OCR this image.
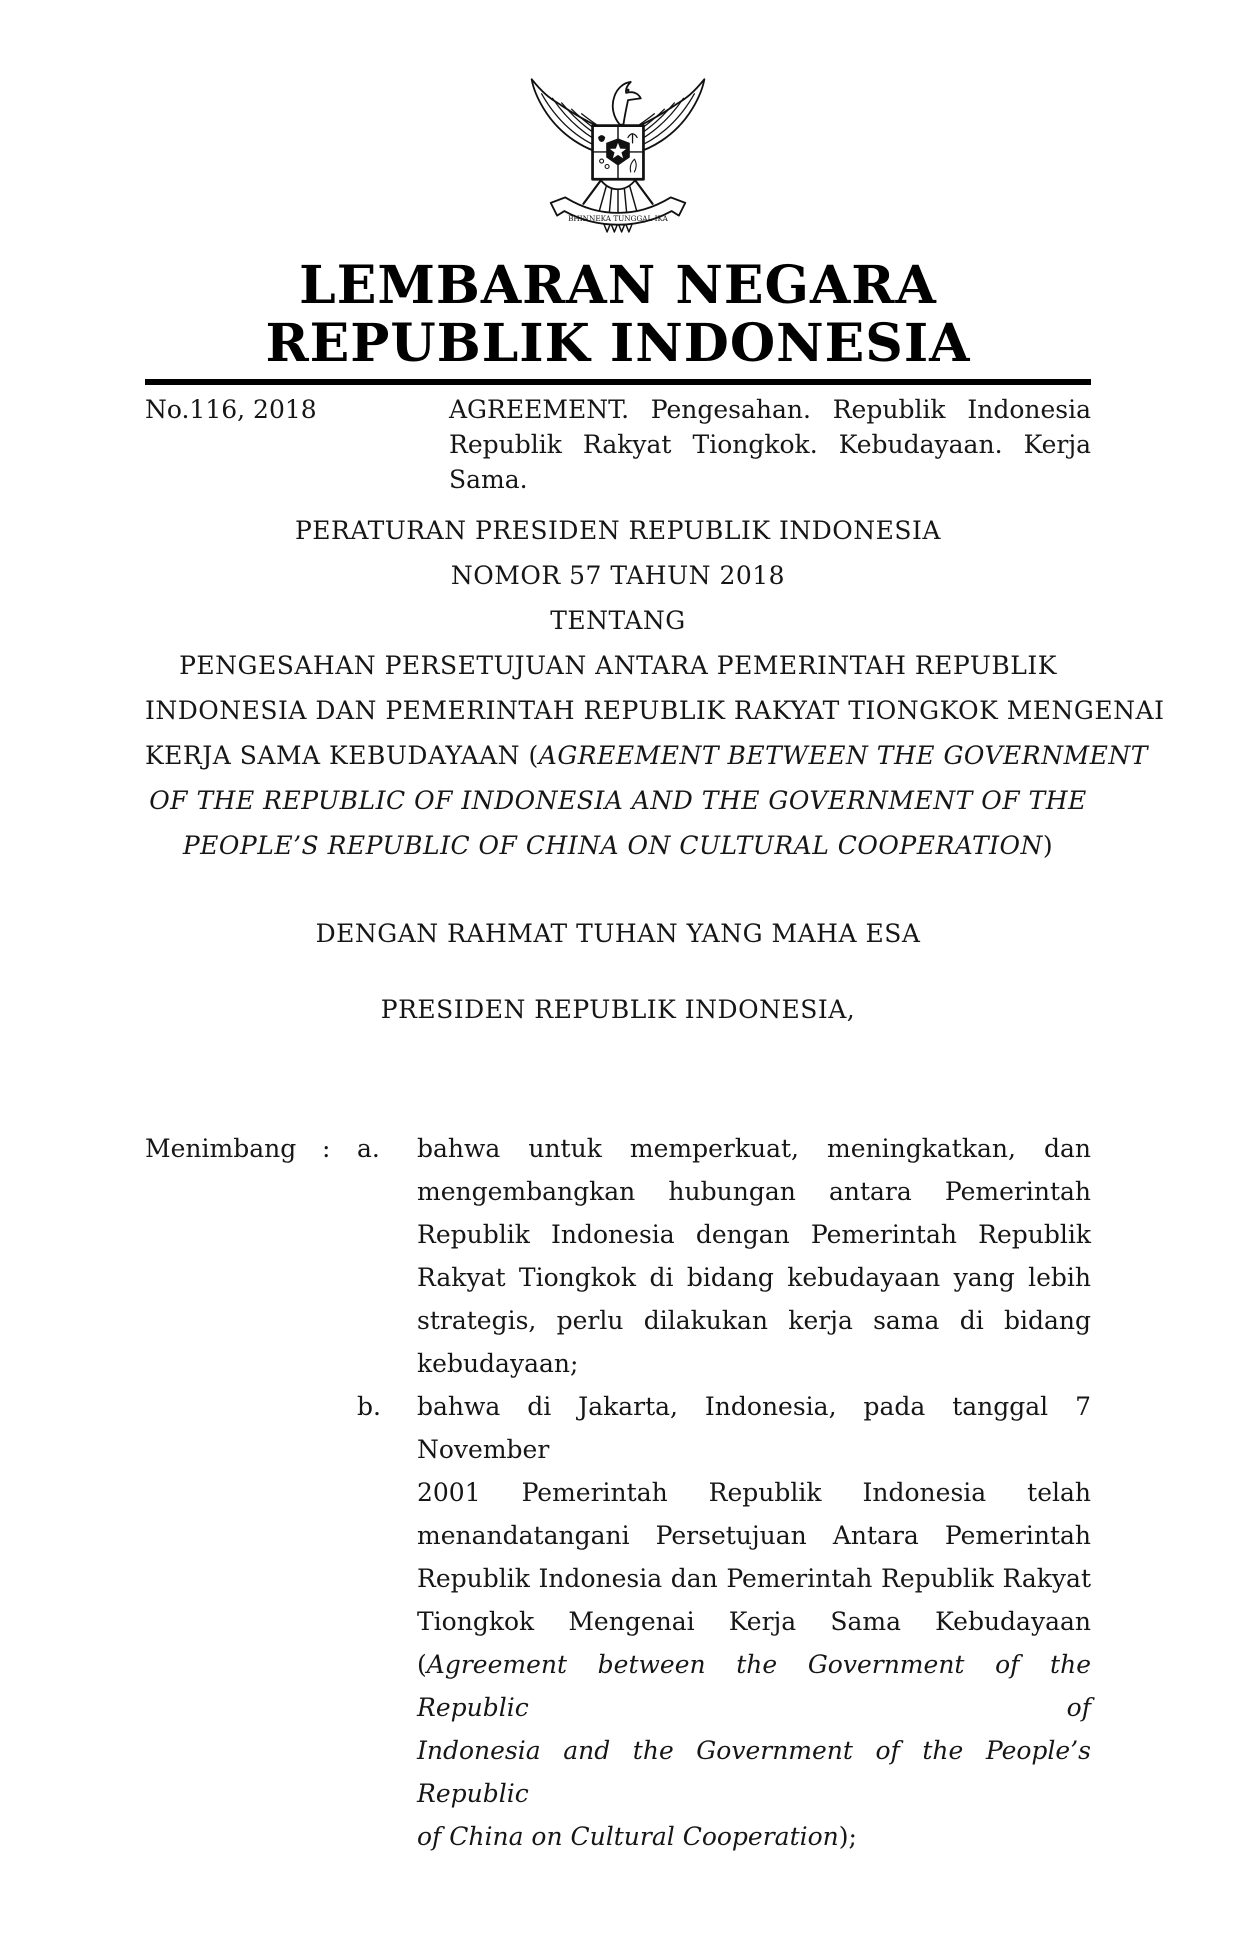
BHINNEKA TUNGGAL IKA
LEMBARAN NEGARA
REPUBLIK INDONESIA
No.116, 2018	AGREEMENT. Pengesahan. Republik Indonesia
Republik Rakyat Tiongkok. Kebudayaan. Kerja
Sama.
PERATURAN PRESIDEN REPUBLIK INDONESIA
NOMOR 57 TAHUN 2018
TENTANG
PENGESAHAN PERSETUJUAN ANTARA PEMERINTAH REPUBLIK
INDONESIA DAN PEMERINTAH REPUBLIK RAKYAT TIONGKOK MENGENAI
KERJA SAMA KEBUDAYAAN (AGREEMENT BETWEEN THE GOVERNMENT
OF THE REPUBLIC OF INDONESIA AND THE GOVERNMENT OF THE
PEOPLE’S REPUBLIC OF CHINA ON CULTURAL COOPERATION)
DENGAN RAHMAT TUHAN YANG MAHA ESA
PRESIDEN REPUBLIK INDONESIA,
Menimbang	:	a.	bahwa untuk memperkuat, meningkatkan, dan
mengembangkan hubungan antara Pemerintah
Republik Indonesia dengan Pemerintah Republik
Rakyat Tiongkok di bidang kebudayaan yang lebih
strategis, perlu dilakukan kerja sama di bidang
kebudayaan;
b.	bahwa di Jakarta, Indonesia, pada tanggal 7 November
2001 Pemerintah Republik Indonesia telah
menandatangani Persetujuan Antara Pemerintah
Republik Indonesia dan Pemerintah Republik Rakyat
Tiongkok Mengenai Kerja Sama Kebudayaan
(Agreement between the Government of the Republic of
Indonesia and the Government of the People’s Republic
of China on Cultural Cooperation);
